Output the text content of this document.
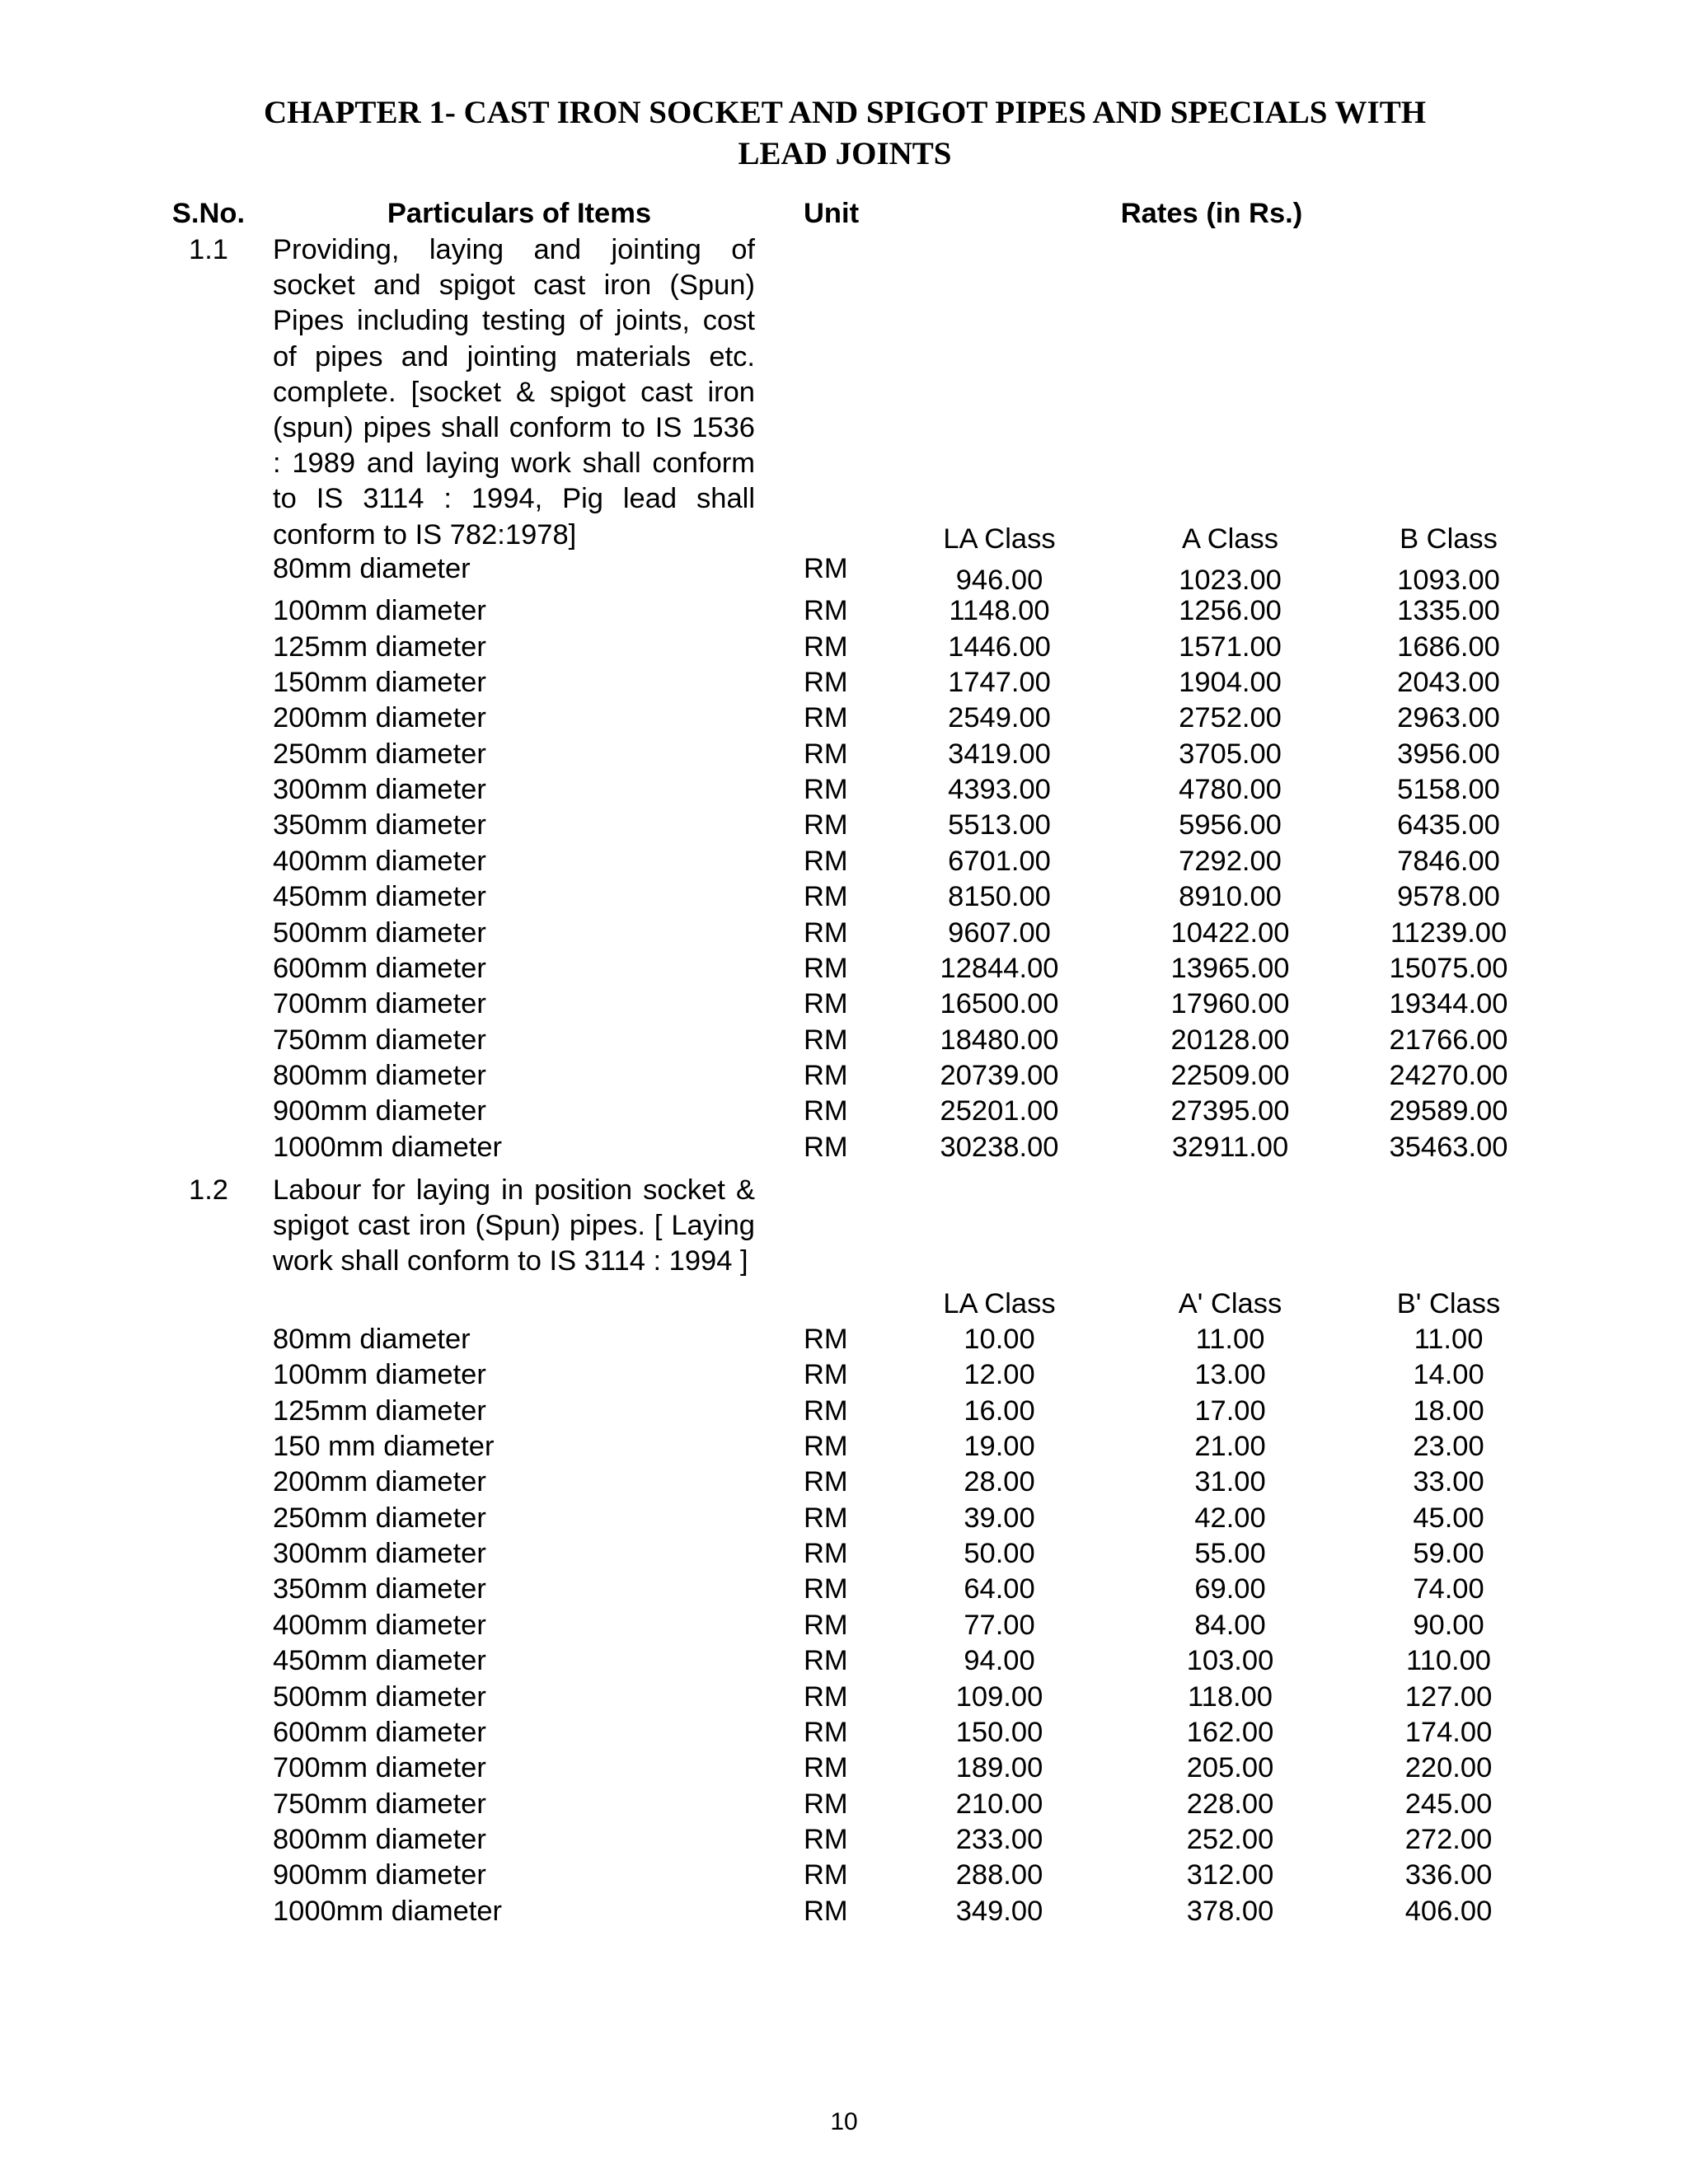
CHAPTER 1- CAST IRON SOCKET AND SPIGOT PIPES AND SPECIALS WITH
LEAD JOINTS
S.No.	Particulars of Items	Unit	Rates (in Rs.)
1.1	Providing, laying and jointing of
socket and spigot cast iron (Spun)
Pipes including testing of joints, cost
of pipes and jointing materials etc.
complete. [socket & spigot cast iron
(spun) pipes shall conform to IS 1536
: 1989 and laying work shall conform
to IS 3114 : 1994, Pig lead shall
conform to IS 782:1978]	LA Class	A Class	B Class
80mm diameter	RM	946.00	1023.00	1093.00
100mm diameter	RM	1148.00	1256.00	1335.00
125mm diameter	RM	1446.00	1571.00	1686.00
150mm diameter	RM	1747.00	1904.00	2043.00
200mm diameter	RM	2549.00	2752.00	2963.00
250mm diameter	RM	3419.00	3705.00	3956.00
300mm diameter	RM	4393.00	4780.00	5158.00
350mm diameter	RM	5513.00	5956.00	6435.00
400mm diameter	RM	6701.00	7292.00	7846.00
450mm diameter	RM	8150.00	8910.00	9578.00
500mm diameter	RM	9607.00	10422.00	11239.00
600mm diameter	RM	12844.00	13965.00	15075.00
700mm diameter	RM	16500.00	17960.00	19344.00
750mm diameter	RM	18480.00	20128.00	21766.00
800mm diameter	RM	20739.00	22509.00	24270.00
900mm diameter	RM	25201.00	27395.00	29589.00
1000mm diameter	RM	30238.00	32911.00	35463.00
1.2	Labour for laying in position socket &
spigot cast iron (Spun) pipes. [ Laying
work shall conform to IS 3114 : 1994 ]
LA Class	A' Class	B' Class
80mm diameter	RM	10.00	11.00	11.00
100mm diameter	RM	12.00	13.00	14.00
125mm diameter	RM	16.00	17.00	18.00
150 mm diameter	RM	19.00	21.00	23.00
200mm diameter	RM	28.00	31.00	33.00
250mm diameter	RM	39.00	42.00	45.00
300mm diameter	RM	50.00	55.00	59.00
350mm diameter	RM	64.00	69.00	74.00
400mm diameter	RM	77.00	84.00	90.00
450mm diameter	RM	94.00	103.00	110.00
500mm diameter	RM	109.00	118.00	127.00
600mm diameter	RM	150.00	162.00	174.00
700mm diameter	RM	189.00	205.00	220.00
750mm diameter	RM	210.00	228.00	245.00
800mm diameter	RM	233.00	252.00	272.00
900mm diameter	RM	288.00	312.00	336.00
1000mm diameter	RM	349.00	378.00	406.00
10
